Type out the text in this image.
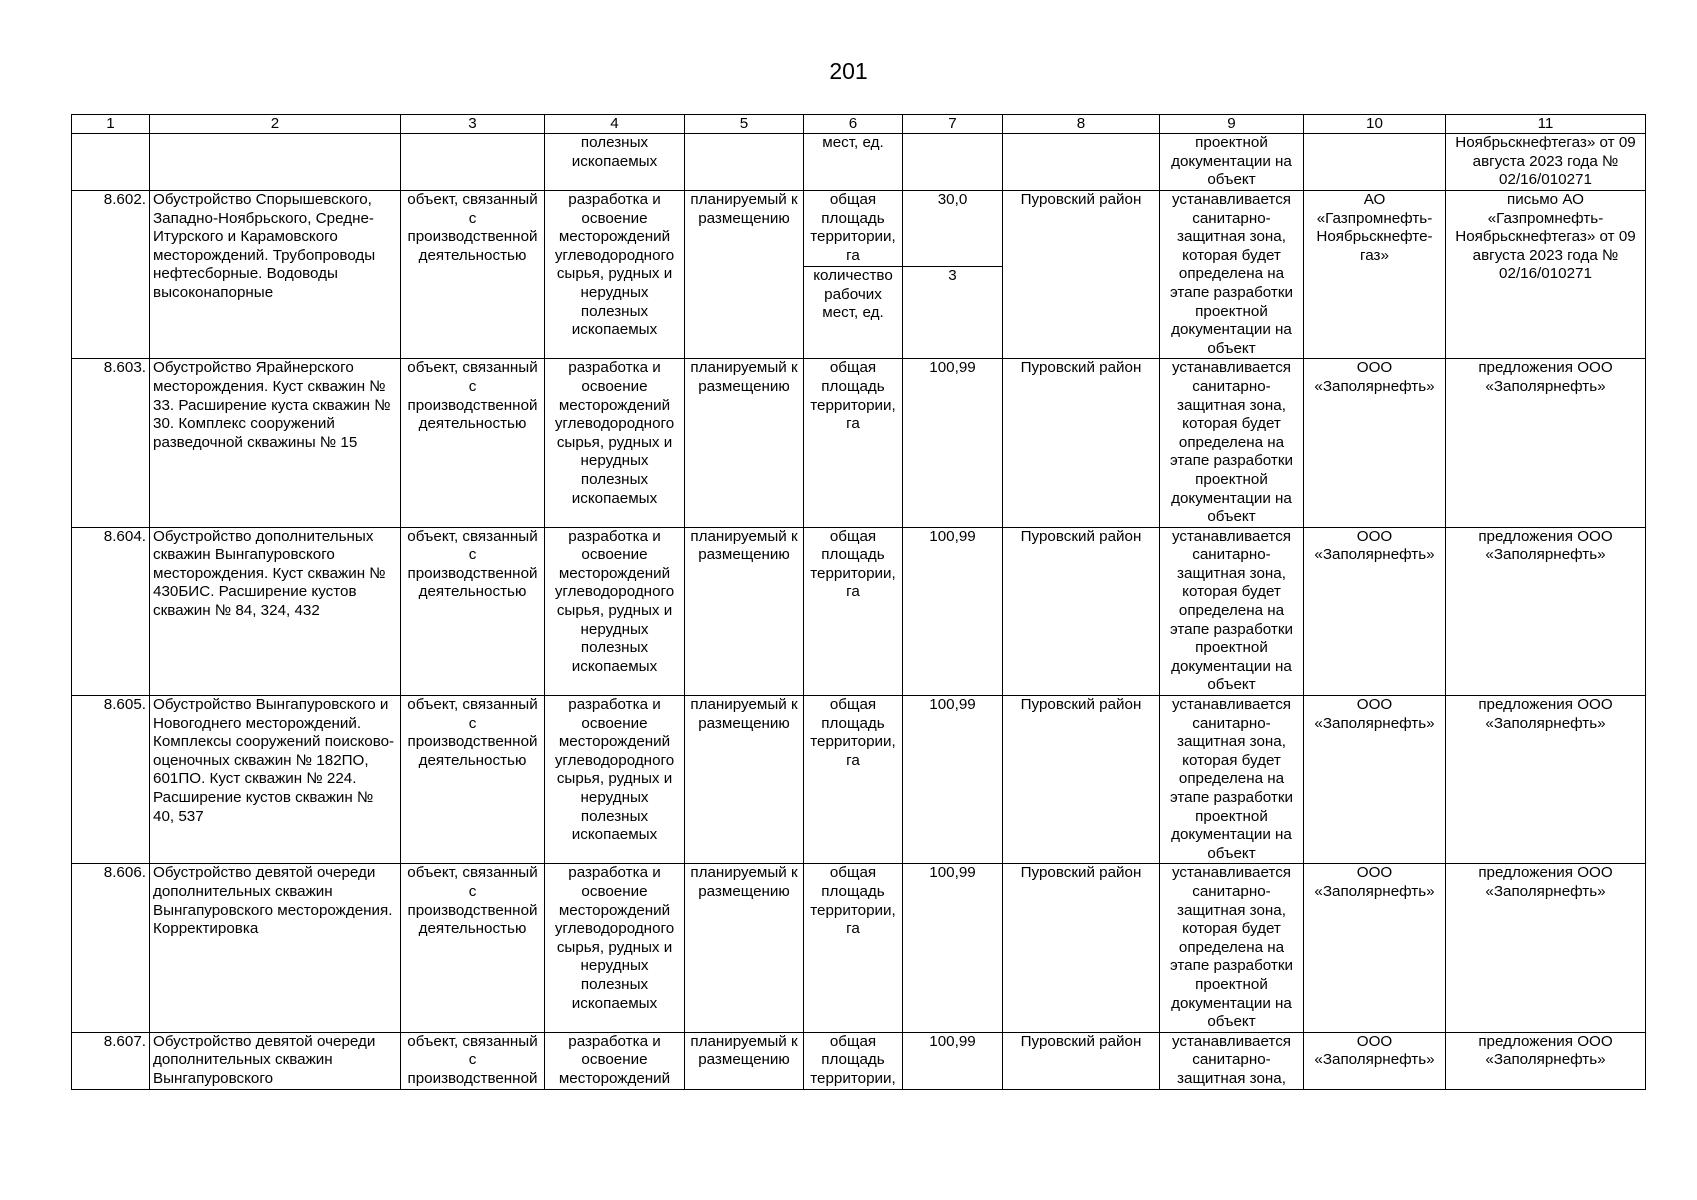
201
1	2	3	4	5	6	7	8	9	10	11
			полезных ископаемых		мест, ед.			проектной документации на объект		Ноябрьскнефтегаз» от 09 августа 2023 года № 02/16/010271
8.602.	Обустройство Спорышевского, Западно-Ноябрьского, Средне-Итурского и Карамовского месторождений. Трубопроводы нефтесборные. Водоводы высоконапорные	объект, связанный с производственной деятельностью	разработка и освоение месторождений углеводородного сырья, рудных и нерудных полезных ископаемых	планируемый к размещению	общая площадь территории, га	30,0	Пуровский район	устанавливается санитарно-защитная зона, которая будет определена на этапе разработки проектной документации на объект	АО «Газпромнефть-Ноябрьскнефте-газ»	письмо АО «Газпромнефть-Ноябрьскнефтегаз» от 09 августа 2023 года № 02/16/010271
					количество рабочих мест, ед.	3				
8.603.	Обустройство Ярайнерского месторождения. Куст скважин № 33. Расширение куста скважин № 30. Комплекс сооружений разведочной скважины № 15	объект, связанный с производственной деятельностью	разработка и освоение месторождений углеводородного сырья, рудных и нерудных полезных ископаемых	планируемый к размещению	общая площадь территории, га	100,99	Пуровский район	устанавливается санитарно-защитная зона, которая будет определена на этапе разработки проектной документации на объект	ООО «Заполярнефть»	предложения ООО «Заполярнефть»
8.604.	Обустройство дополнительных скважин Вынгапуровского месторождения. Куст скважин № 430БИС. Расширение кустов скважин № 84, 324, 432	объект, связанный с производственной деятельностью	разработка и освоение месторождений углеводородного сырья, рудных и нерудных полезных ископаемых	планируемый к размещению	общая площадь территории, га	100,99	Пуровский район	устанавливается санитарно-защитная зона, которая будет определена на этапе разработки проектной документации на объект	ООО «Заполярнефть»	предложения ООО «Заполярнефть»
8.605.	Обустройство Вынгапуровского и Новогоднего месторождений. Комплексы сооружений поисково-оценочных скважин № 182ПО, 601ПО. Куст скважин № 224. Расширение кустов скважин № 40, 537	объект, связанный с производственной деятельностью	разработка и освоение месторождений углеводородного сырья, рудных и нерудных полезных ископаемых	планируемый к размещению	общая площадь территории, га	100,99	Пуровский район	устанавливается санитарно-защитная зона, которая будет определена на этапе разработки проектной документации на объект	ООО «Заполярнефть»	предложения ООО «Заполярнефть»
8.606.	Обустройство девятой очереди дополнительных скважин Вынгапуровского месторождения. Корректировка	объект, связанный с производственной деятельностью	разработка и освоение месторождений углеводородного сырья, рудных и нерудных полезных ископаемых	планируемый к размещению	общая площадь территории, га	100,99	Пуровский район	устанавливается санитарно-защитная зона, которая будет определена на этапе разработки проектной документации на объект	ООО «Заполярнефть»	предложения ООО «Заполярнефть»
8.607.	Обустройство девятой очереди дополнительных скважин Вынгапуровского	объект, связанный с производственной	разработка и освоение месторождений	планируемый к размещению	общая площадь территории,	100,99	Пуровский район	устанавливается санитарно-защитная зона,	ООО «Заполярнефть»	предложения ООО «Заполярнефть»
